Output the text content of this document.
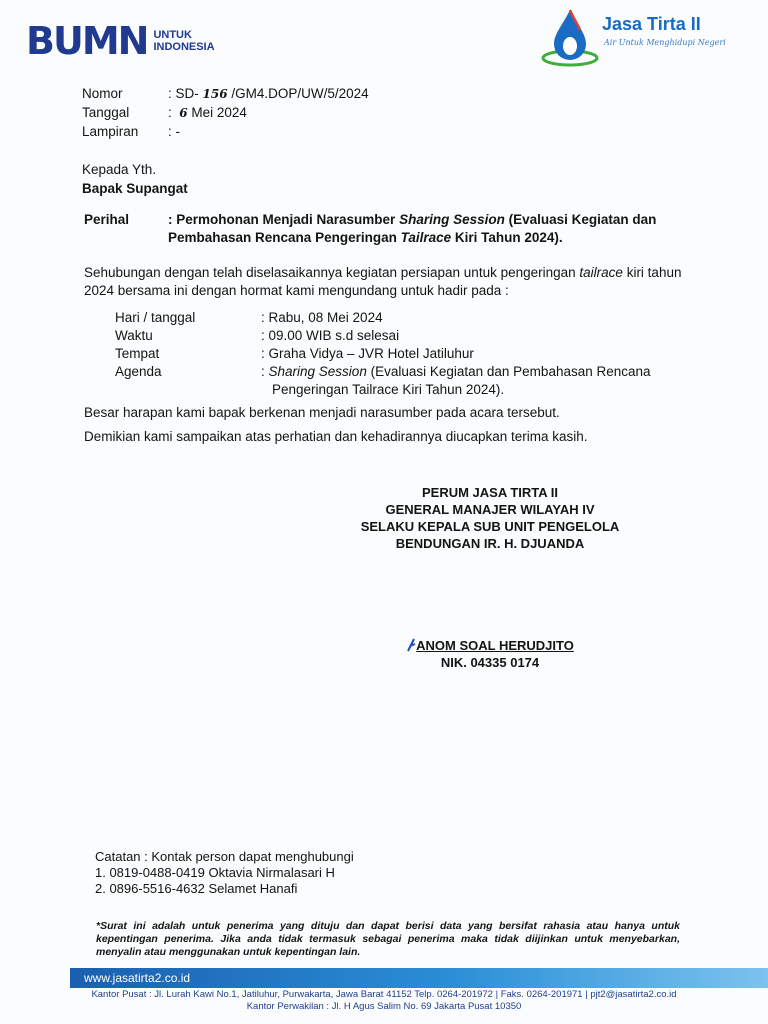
BUMN UNTUK
INDONESIA
Jasa Tirta II
Air Untuk Menghidupi Negeri
Nomor	: SD- 156 /GM4.DOP/UW/5/2024
Tanggal	: 6 Mei 2024
Lampiran	: -
Kepada Yth.
Bapak Supangat
Perihal	: Permohonan Menjadi Narasumber Sharing Session (Evaluasi Kegiatan dan Pembahasan Rencana Pengeringan Tailrace Kiri Tahun 2024).
Sehubungan dengan telah diselasaikannya kegiatan persiapan untuk pengeringan tailrace kiri tahun 2024 bersama ini dengan hormat kami mengundang untuk hadir pada :
Hari / tanggal	: Rabu, 08 Mei 2024
Waktu	: 09.00 WIB s.d selesai
Tempat	: Graha Vidya – JVR Hotel Jatiluhur
Agenda	: Sharing Session (Evaluasi Kegiatan dan Pembahasan Rencana
Pengeringan Tailrace Kiri Tahun 2024).
Besar harapan kami bapak berkenan menjadi narasumber pada acara tersebut.
Demikian kami sampaikan atas perhatian dan kehadirannya diucapkan terima kasih.
PERUM JASA TIRTA II
GENERAL MANAJER WILAYAH IV
SELAKU KEPALA SUB UNIT PENGELOLA
BENDUNGAN IR. H. DJUANDA
ANOM SOAL HERUDJITO
NIK. 04335 0174
Catatan : Kontak person dapat menghubungi
1. 0819-0488-0419 Oktavia Nirmalasari H
2. 0896-5516-4632 Selamet Hanafi
*Surat ini adalah untuk penerima yang dituju dan dapat berisi data yang bersifat rahasia atau hanya untuk kepentingan penerima. Jika anda tidak termasuk sebagai penerima maka tidak diijinkan untuk menyebarkan, menyalin atau menggunakan untuk kepentingan lain.
www.jasatirta2.co.id
Kantor Pusat : Jl. Lurah Kawi No.1, Jatiluhur, Purwakarta, Jawa Barat 41152 Telp. 0264-201972 | Faks. 0264-201971 | pjt2@jasatirta2.co.id
Kantor Perwakilan : Jl. H Agus Salim No. 69 Jakarta Pusat 10350
